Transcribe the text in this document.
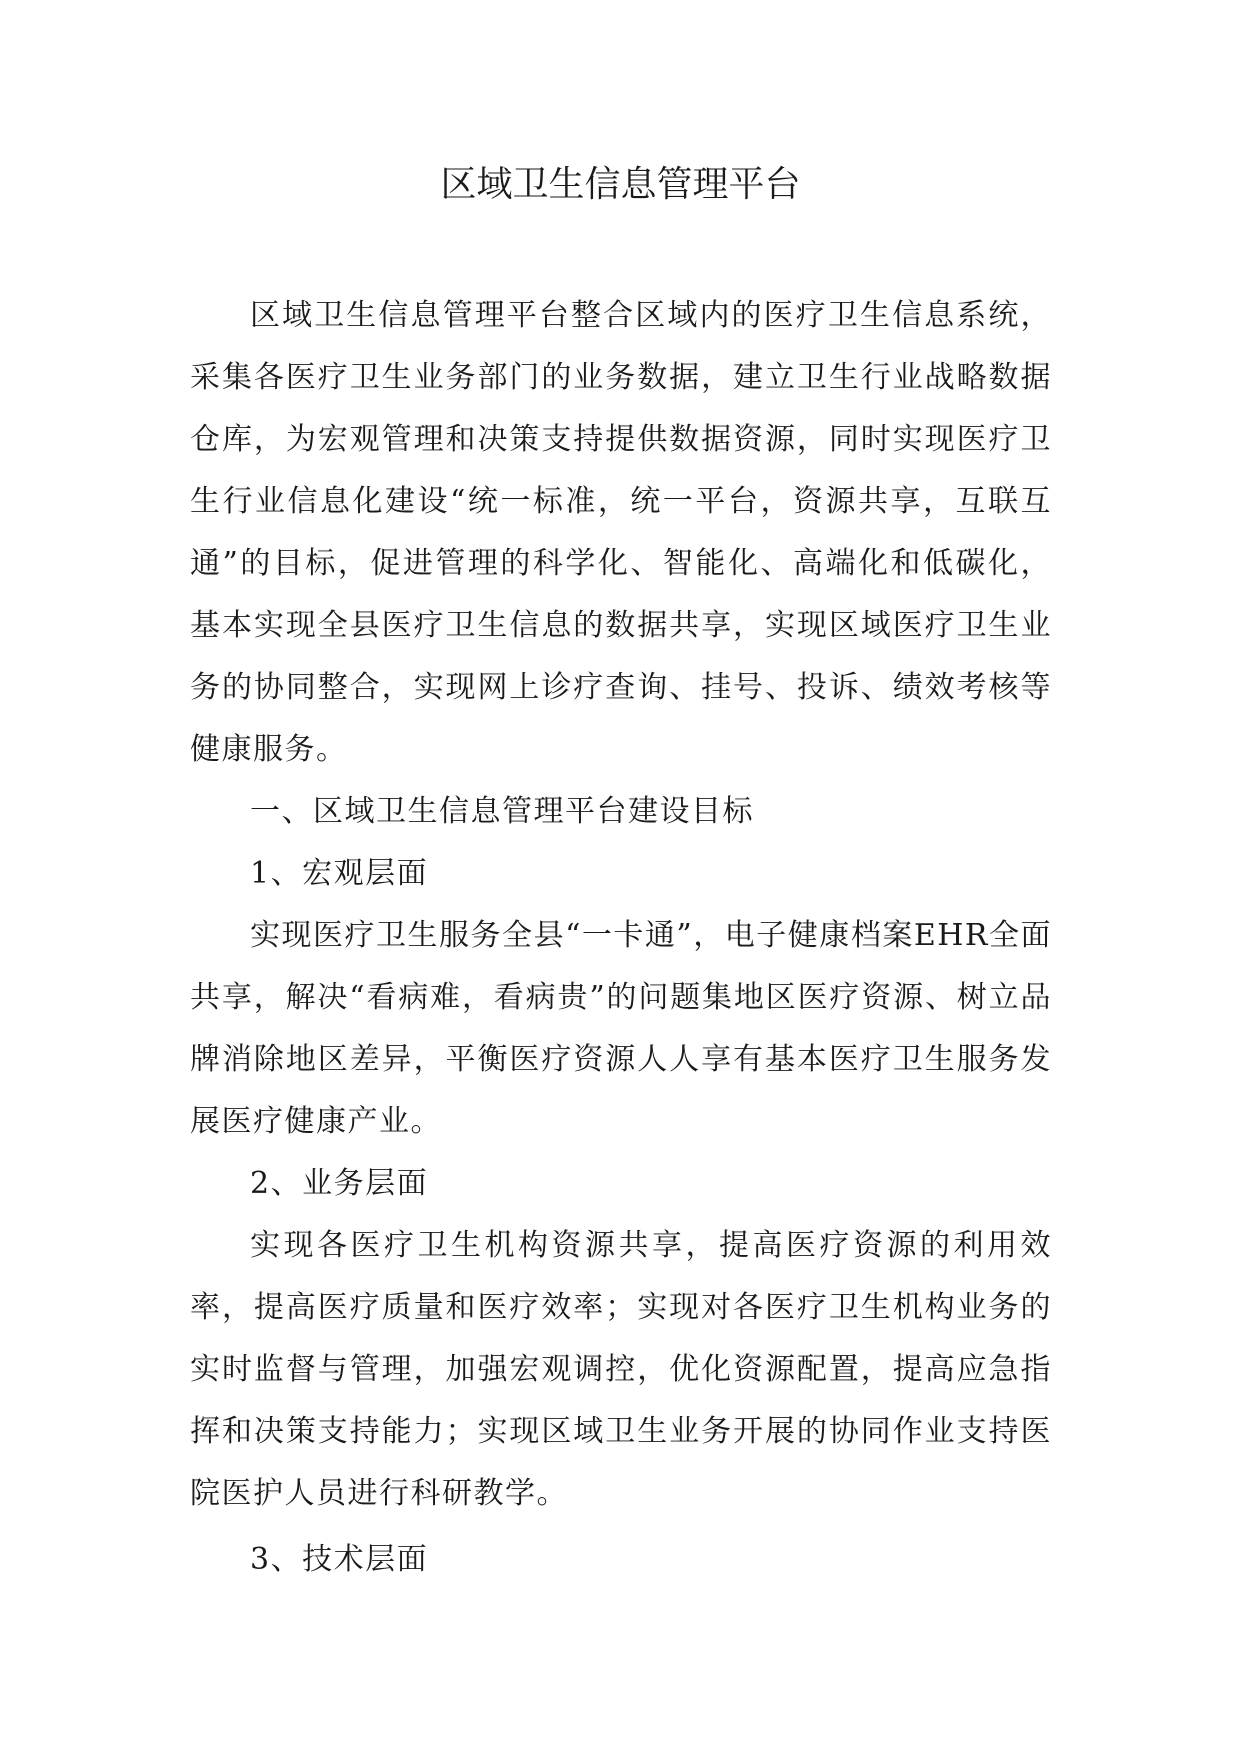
区域卫生信息管理平台

区域卫生信息管理平台整合区域内的医疗卫生信息系统，采集各医疗卫生业务部门的业务数据，建立卫生行业战略数据仓库，为宏观管理和决策支持提供数据资源，同时实现医疗卫生行业信息化建设“统一标准，统一平台，资源共享，互联互通”的目标，促进管理的科学化、智能化、高端化和低碳化，基本实现全县医疗卫生信息的数据共享，实现区域医疗卫生业务的协同整合，实现网上诊疗查询、挂号、投诉、绩效考核等健康服务。

一、区域卫生信息管理平台建设目标

1、宏观层面

实现医疗卫生服务全县“一卡通”，电子健康档案EHR全面共享，解决“看病难，看病贵”的问题集地区医疗资源、树立品牌消除地区差异，平衡医疗资源人人享有基本医疗卫生服务发展医疗健康产业。

2、业务层面

实现各医疗卫生机构资源共享，提高医疗资源的利用效率，提高医疗质量和医疗效率；实现对各医疗卫生机构业务的实时监督与管理，加强宏观调控，优化资源配置，提高应急指挥和决策支持能力；实现区域卫生业务开展的协同作业支持医院医护人员进行科研教学。

3、技术层面
